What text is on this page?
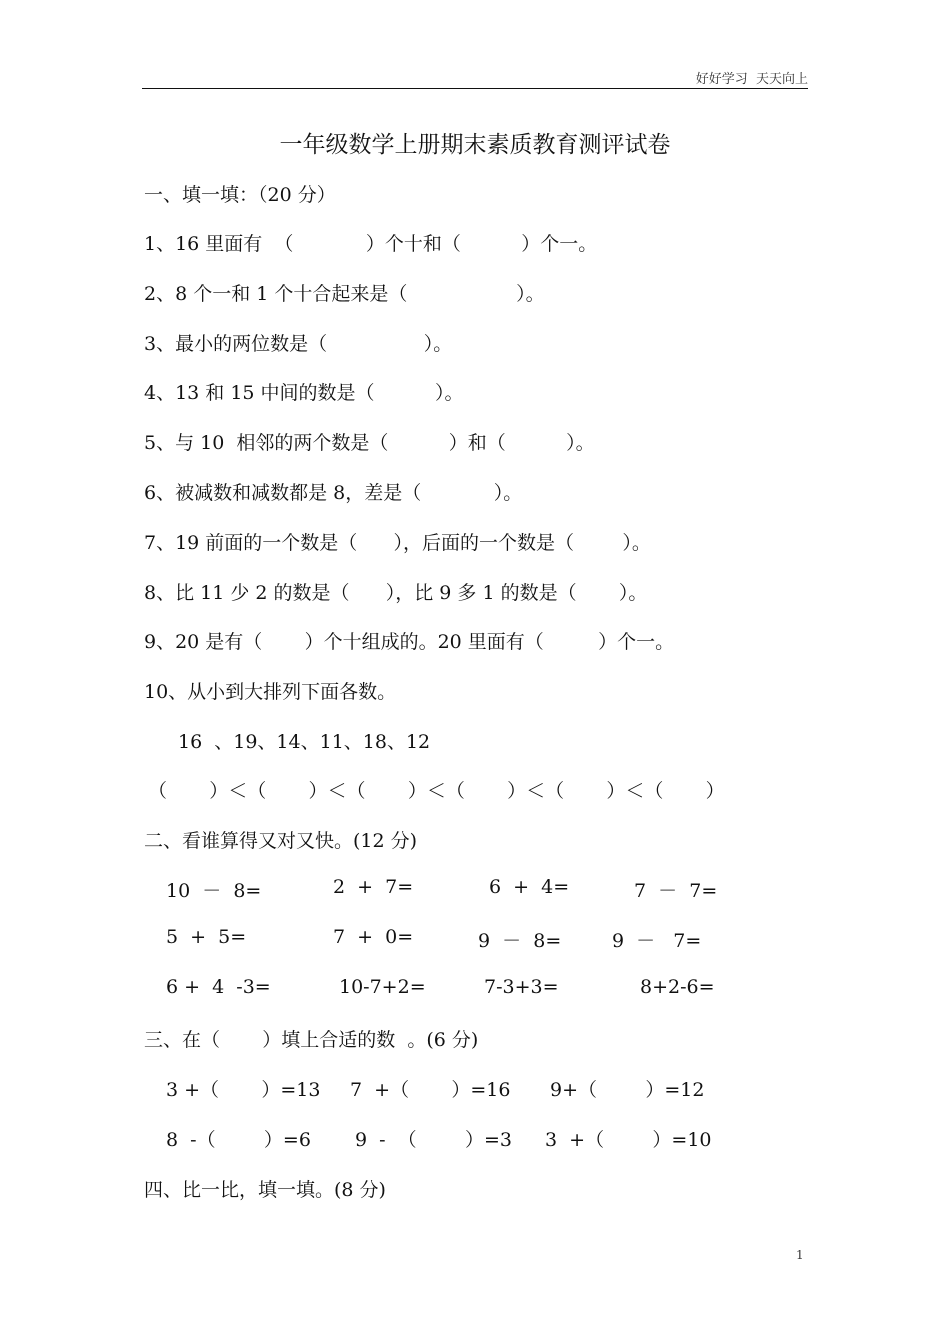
好好学习  天天向上
一年级数学上册期末素质教育测评试卷
一、填一填：（20 分）
1、16 里面有  （            ）个十和（          ）个一。
2、8 个一和 1 个十合起来是（                  ）。
3、最小的两位数是（                ）。
4、13 和 15 中间的数是（          ）。
5、与 10  相邻的两个数是（          ）和（          ）。
6、被减数和减数都是 8，差是（            ）。
7、19 前面的一个数是（      ），后面的一个数是（        ）。
8、比 11 少 2 的数是（      ），比 9 多 1 的数是（       ）。
9、20 是有（       ）个十组成的。20 里面有（         ）个一。
10、从小到大排列下面各数。
16  、19、14、11、18、12
（       ）＜（       ）＜（       ）＜（       ）＜（       ）＜（       ）
二、看谁算得又对又快。(12 分)
10  －  8=	2  +  7=	6  +  4=	7  －  7=
5  +  5=	7  +  0=	9  －  8=	9  －   7=
6 +  4  -3=	10-7+2=	7-3+3=	8+2-6=
三、在（       ）填上合适的数  。(6 分)
3 +（       ）=13 7  +（       ）=16 9+（        ）=12
8  -（        ）=6 9  -  （        ）=3 3  +（        ）=10
四、比一比，填一填。(8 分)
1
